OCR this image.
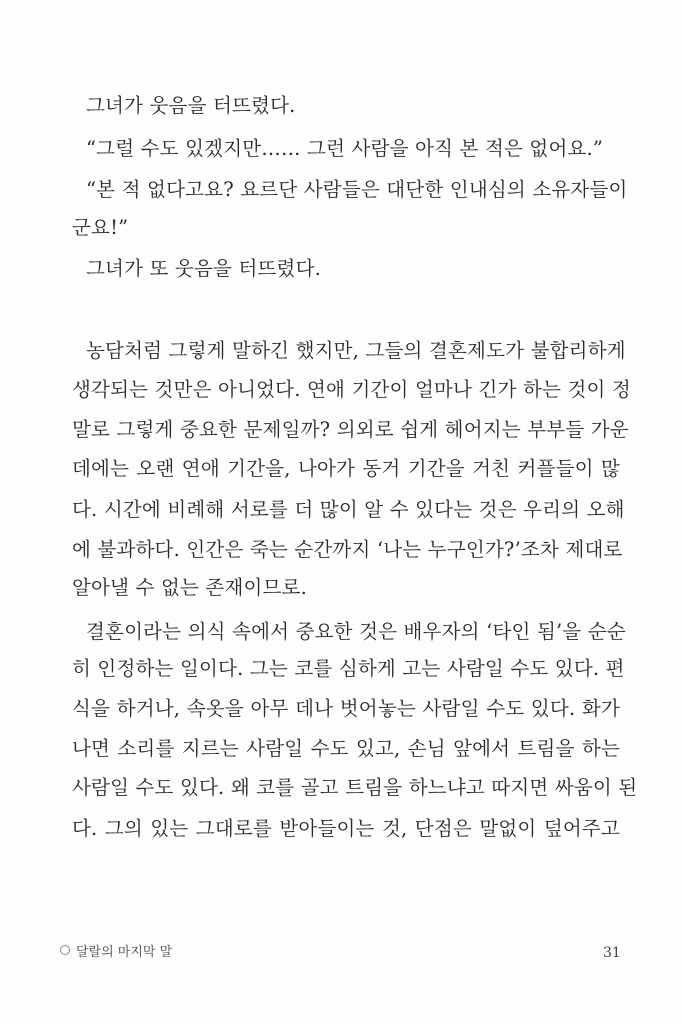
그녀가 웃음을 터뜨렸다.
“그럴 수도 있겠지만…… 그런 사람을 아직 본 적은 없어요.”
“본 적 없다고요? 요르단 사람들은 대단한 인내심의 소유자들이
군요!”
그녀가 또 웃음을 터뜨렸다.
농담처럼 그렇게 말하긴 했지만, 그들의 결혼제도가 불합리하게
생각되는 것만은 아니었다. 연애 기간이 얼마나 긴가 하는 것이 정
말로 그렇게 중요한 문제일까? 의외로 쉽게 헤어지는 부부들 가운
데에는 오랜 연애 기간을, 나아가 동거 기간을 거친 커플들이 많
다. 시간에 비례해 서로를 더 많이 알 수 있다는 것은 우리의 오해
에 불과하다. 인간은 죽는 순간까지 ‘나는 누구인가?’조차 제대로
알아낼 수 없는 존재이므로.
결혼이라는 의식 속에서 중요한 것은 배우자의 ‘타인 됨’을 순순
히 인정하는 일이다. 그는 코를 심하게 고는 사람일 수도 있다. 편
식을 하거나, 속옷을 아무 데나 벗어놓는 사람일 수도 있다. 화가
나면 소리를 지르는 사람일 수도 있고, 손님 앞에서 트림을 하는
사람일 수도 있다. 왜 코를 골고 트림을 하느냐고 따지면 싸움이 된
다. 그의 있는 그대로를 받아들이는 것, 단점은 말없이 덮어주고
달랄의 마지막 말	31
